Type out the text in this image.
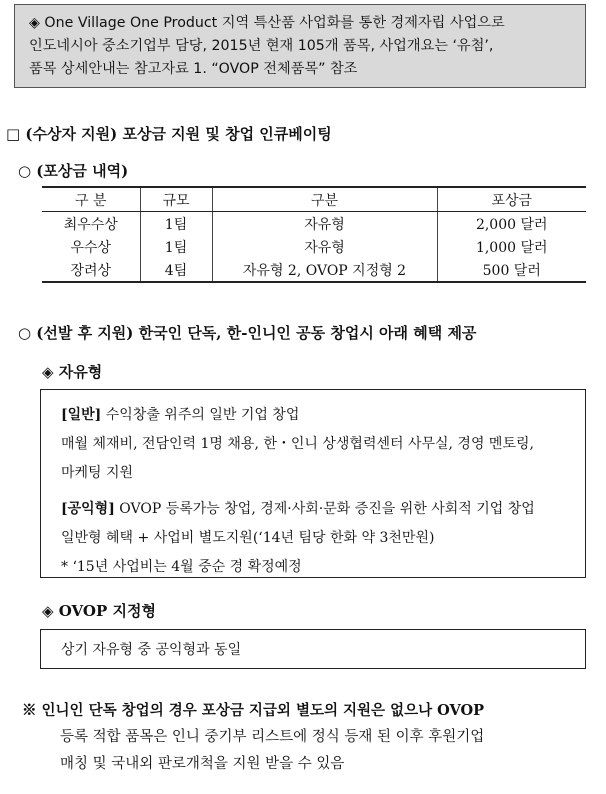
◈ One Village One Product 지역 특산품 사업화를 통한 경제자립 사업으로

인도네시아 중소기업부 담당, 2015년 현재 105개 품목, 사업개요는 ‘유첨’,

품목 상세안내는 참고자료 1. “OVOP 전체품목” 참조

□ (수상자 지원) 포상금 지원 및 창업 인큐베이팅
○ (포상금 내역)
구 분	규모	구분	포상금
최우수상	1팀	자유형	2,000 달러
우수상	1팀	자유형	1,000 달러
장려상	4팀	자유형 2, OVOP 지정형 2	500 달러
○ (선발 후 지원) 한국인 단독, 한-인니인 공동 창업시 아래 혜택 제공
◈ 자유형

[일반] 수익창출 위주의 일반 기업 창업

매월 체재비, 전담인력 1명 채용, 한・인니 상생협력센터 사무실, 경영 멘토링,

마케팅 지원

[공익형] OVOP 등록가능 창업, 경제·사회·문화 증진을 위한 사회적 기업 창업

일반형 혜택 + 사업비 별도지원(‘14년 팀당 한화 약 3천만원)

* ‘15년 사업비는 4월 중순 경 확정예정

◈ OVOP 지정형

상기 자유형 중 공익형과 동일

※ 인니인 단독 창업의 경우 포상금 지급외 별도의 지원은 없으나 OVOP

등록 적합 품목은 인니 중기부 리스트에 정식 등재 된 이후 후원기업

매칭 및 국내외 판로개척을 지원 받을 수 있음
